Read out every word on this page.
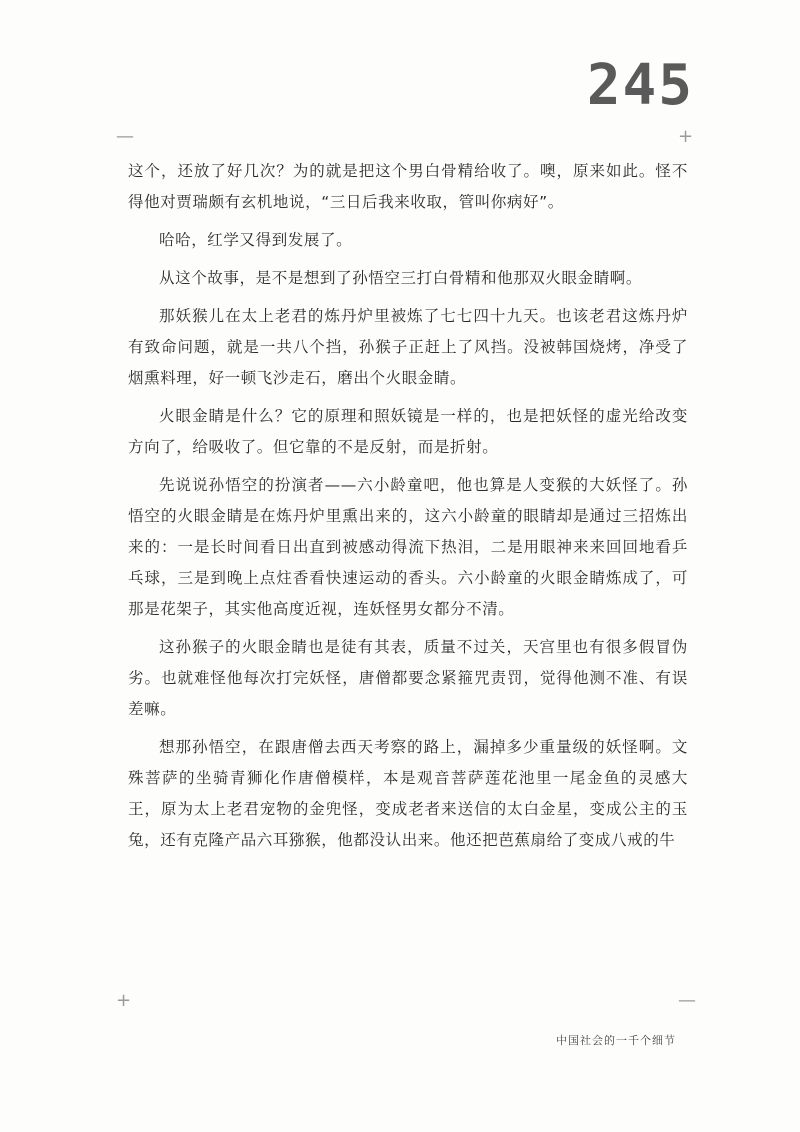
245
—	+
+	—

这个，还放了好几次？为的就是把这个男白骨精给收了。噢，原来如此。怪不得他对贾瑞颇有玄机地说，“三日后我来收取，管叫你病好”。

哈哈，红学又得到发展了。

从这个故事，是不是想到了孙悟空三打白骨精和他那双火眼金睛啊。

那妖猴儿在太上老君的炼丹炉里被炼了七七四十九天。也该老君这炼丹炉有致命问题，就是一共八个挡，孙猴子正赶上了风挡。没被韩国烧烤，净受了烟熏料理，好一顿飞沙走石，磨出个火眼金睛。

火眼金睛是什么？它的原理和照妖镜是一样的，也是把妖怪的虚光给改变方向了，给吸收了。但它靠的不是反射，而是折射。

先说说孙悟空的扮演者——六小龄童吧，他也算是人变猴的大妖怪了。孙悟空的火眼金睛是在炼丹炉里熏出来的，这六小龄童的眼睛却是通过三招炼出来的：一是长时间看日出直到被感动得流下热泪，二是用眼神来来回回地看乒乓球，三是到晚上点炷香看快速运动的香头。六小龄童的火眼金睛炼成了，可那是花架子，其实他高度近视，连妖怪男女都分不清。

这孙猴子的火眼金睛也是徒有其表，质量不过关，天宫里也有很多假冒伪劣。也就难怪他每次打完妖怪，唐僧都要念紧箍咒责罚，觉得他测不准、有误差嘛。

想那孙悟空，在跟唐僧去西天考察的路上，漏掉多少重量级的妖怪啊。文殊菩萨的坐骑青狮化作唐僧模样，本是观音菩萨莲花池里一尾金鱼的灵感大王，原为太上老君宠物的金兜怪，变成老者来送信的太白金星，变成公主的玉兔，还有克隆产品六耳猕猴，他都没认出来。他还把芭蕉扇给了变成八戒的牛

中国社会的一千个细节
